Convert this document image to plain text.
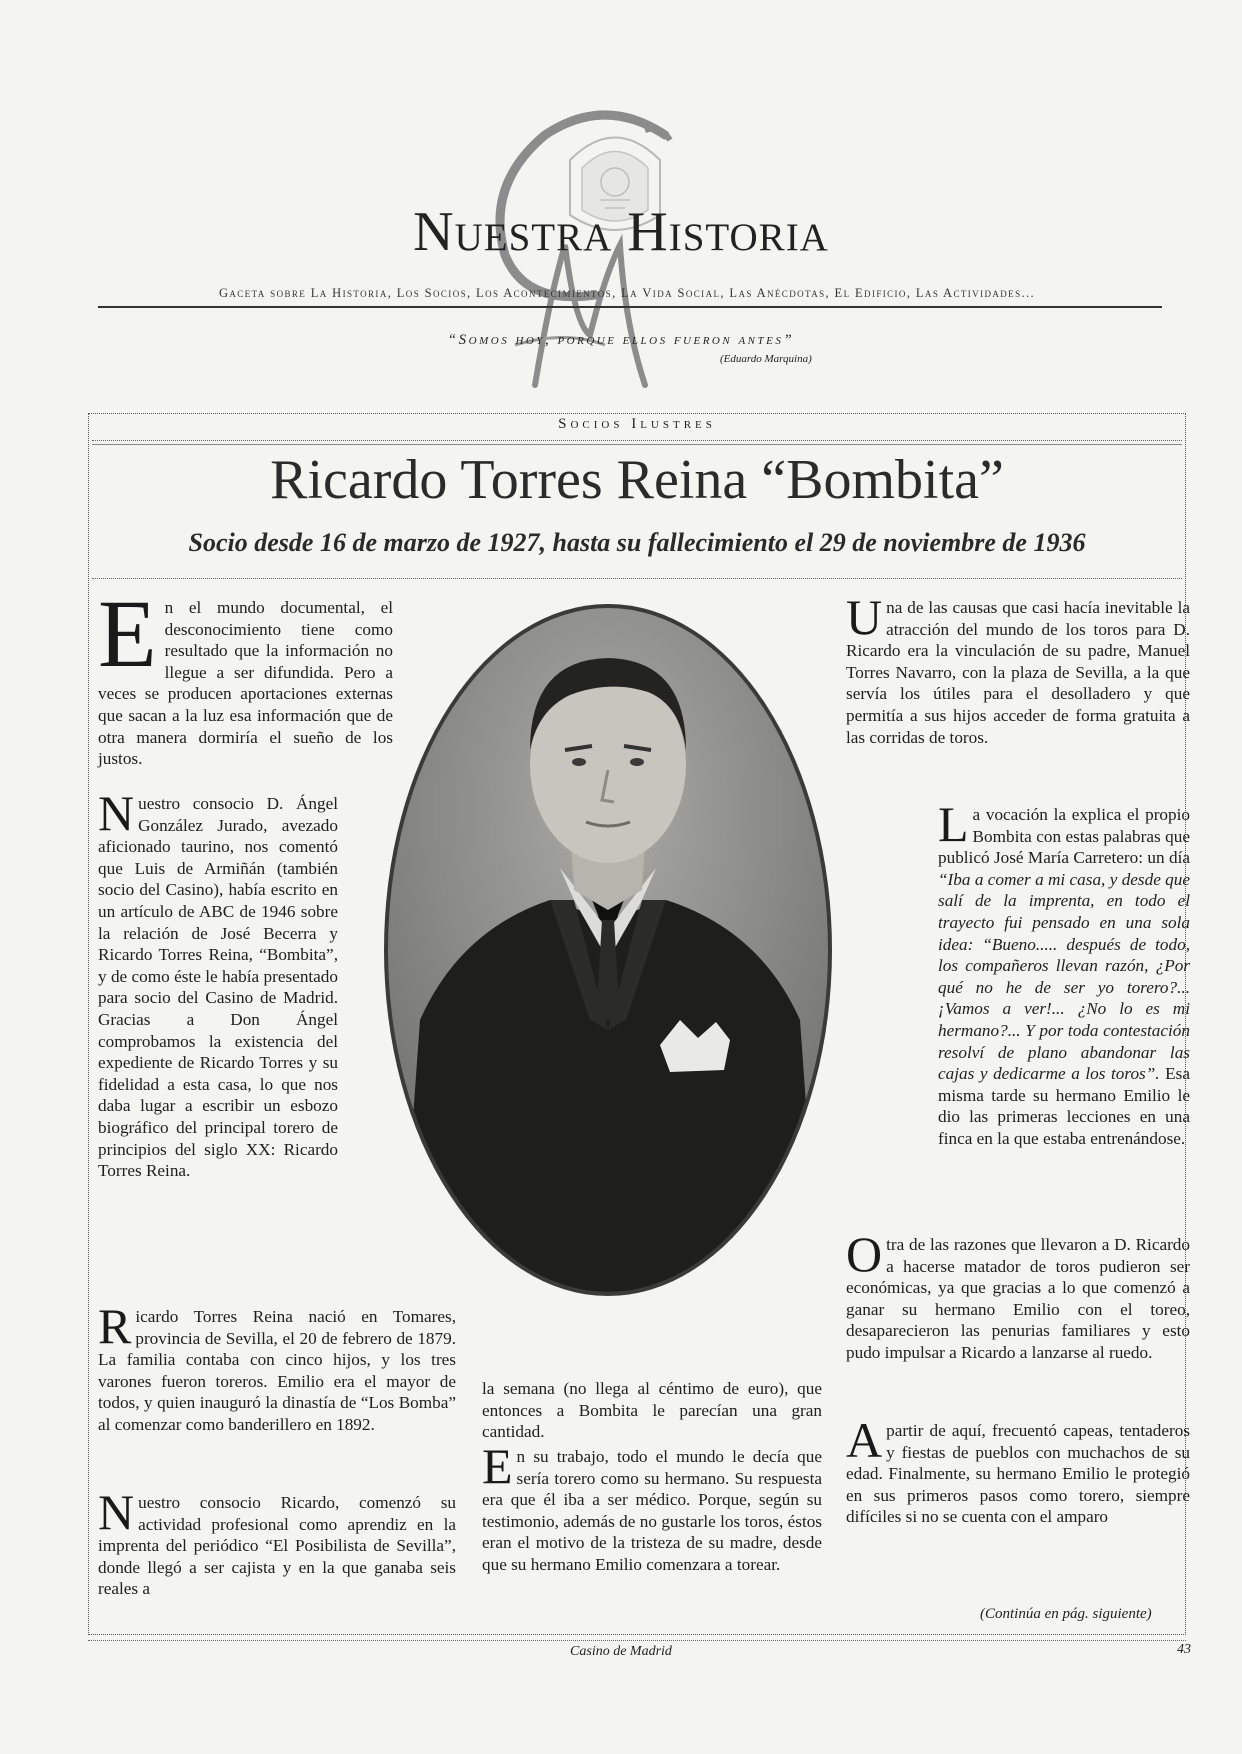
Nuestra Historia
Gaceta sobre La Historia, Los Socios, Los Acontecimientos, La Vida Social, Las Anécdotas, El Edificio, Las Actividades...
“Somos hoy, porque ellos fueron antes”
(Eduardo Marquina)
Socios Ilustres
Ricardo Torres Reina “Bombita”
Socio desde 16 de marzo de 1927, hasta su fallecimiento el 29 de noviembre de 1936

En el mundo documental, el desconocimiento tiene como resultado que la información no llegue a ser difundida. Pero a veces se producen aportaciones externas que sacan a la luz esa información que de otra manera dormiría el sueño de los justos.

Nuestro consocio D. Ángel González Jurado, avezado aficionado taurino, nos comentó que Luis de Armiñán (también socio del Casino), había escrito en un artículo de ABC de 1946 sobre la relación de José Becerra y Ricardo Torres Reina, “Bombita”, y de como éste le había presentado para socio del Casino de Madrid. Gracias a Don Ángel comprobamos la existencia del expediente de Ricardo Torres y su fidelidad a esta casa, lo que nos daba lugar a escribir un esbozo biográfico del principal torero de principios del siglo XX: Ricardo Torres Reina.

Ricardo Torres Reina nació en Tomares, provincia de Sevilla, el 20 de febrero de 1879. La familia contaba con cinco hijos, y los tres varones fueron toreros. Emilio era el mayor de todos, y quien inauguró la dinastía de “Los Bomba” al comenzar como banderillero en 1892.

Nuestro consocio Ricardo, comenzó su actividad profesional como aprendiz en la imprenta del periódico “El Posibilista de Sevilla”, donde llegó a ser cajista y en la que ganaba seis reales a

la semana (no llega al céntimo de euro), que entonces a Bombita le parecían una gran cantidad.

En su trabajo, todo el mundo le decía que sería torero como su hermano. Su respuesta era que él iba a ser médico. Porque, según su testimonio, además de no gustarle los toros, éstos eran el motivo de la tristeza de su madre, desde que su hermano Emilio comenzara a torear.

Una de las causas que casi hacía inevitable la atracción del mundo de los toros para D. Ricardo era la vinculación de su padre, Manuel Torres Navarro, con la plaza de Sevilla, a la que servía los útiles para el desolladero y que permitía a sus hijos acceder de forma gratuita a las corridas de toros.

La vocación la explica el propio Bombita con estas palabras que publicó José María Carretero: un día “Iba a comer a mi casa, y desde que salí de la imprenta, en todo el trayecto fui pensado en una sola idea: “Bueno..... después de todo, los compañeros llevan razón, ¿Por qué no he de ser yo torero?... ¡Vamos a ver!... ¿No lo es mi hermano?... Y por toda contestación resolví de plano abandonar las cajas y dedicarme a los toros”. Esa misma tarde su hermano Emilio le dio las primeras lecciones en una finca en la que estaba entrenándose.

Otra de las razones que llevaron a D. Ricardo a hacerse matador de toros pudieron ser económicas, ya que gracias a lo que comenzó a ganar su hermano Emilio con el toreo, desaparecieron las penurias familiares y esto pudo impulsar a Ricardo a lanzarse al ruedo.

Apartir de aquí, frecuentó capeas, tentaderos y fiestas de pueblos con muchachos de su edad. Finalmente, su hermano Emilio le protegió en sus primeros pasos como torero, siempre difíciles si no se cuenta con el amparo

(Continúa en pág. siguiente)
Casino de Madrid	43
